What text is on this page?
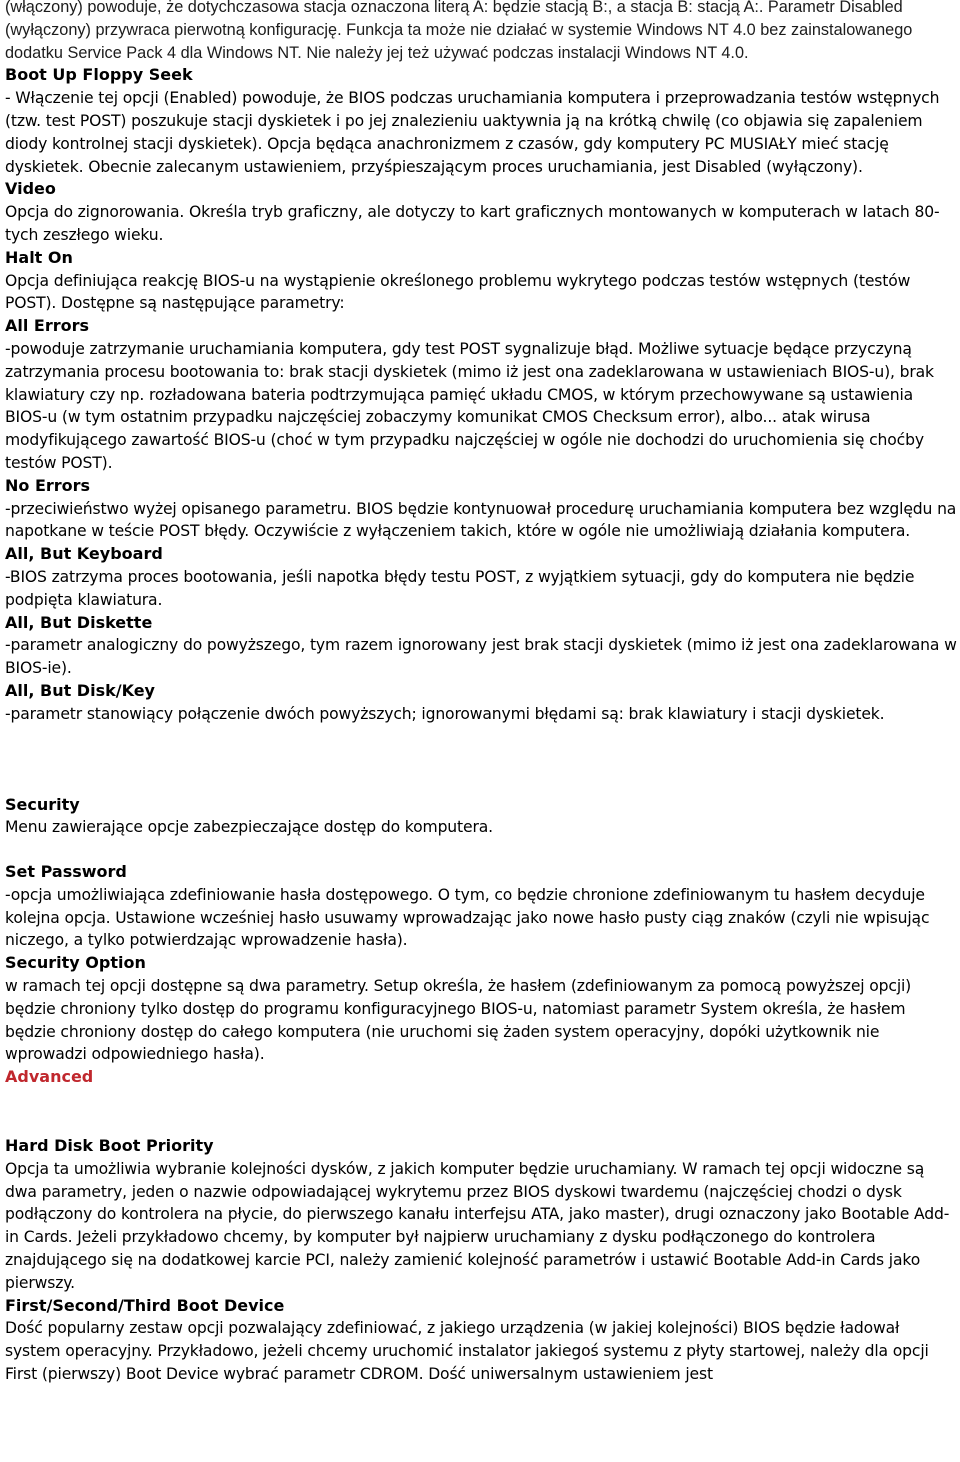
(włączony) powoduje, że dotychczasowa stacja oznaczona literą A: będzie stacją B:, a stacja B: stacją A:. Parametr Disabled (wyłączony) przywraca pierwotną konfigurację. Funkcja ta może nie działać w systemie Windows NT 4.0 bez zainstalowanego dodatku Service Pack 4 dla Windows NT. Nie należy jej też używać podczas instalacji Windows NT 4.0.

Boot Up Floppy Seek

- Włączenie tej opcji (Enabled) powoduje, że BIOS podczas uruchamiania komputera i przeprowadzania testów wstępnych (tzw. test POST) poszukuje stacji dyskietek i po jej znalezieniu uaktywnia ją na krótką chwilę (co objawia się zapaleniem diody kontrolnej stacji dyskietek). Opcja będąca anachronizmem z czasów, gdy komputery PC MUSIAŁY mieć stację dyskietek. Obecnie zalecanym ustawieniem, przyśpieszającym proces uruchamiania, jest Disabled (wyłączony).

Video

Opcja do zignorowania. Określa tryb graficzny, ale dotyczy to kart graficznych montowanych w komputerach w latach 80-tych zeszłego wieku.

Halt On

Opcja definiująca reakcję BIOS-u na wystąpienie określonego problemu wykrytego podczas testów wstępnych (testów POST). Dostępne są następujące parametry:

All Errors

-powoduje zatrzymanie uruchamiania komputera, gdy test POST sygnalizuje błąd. Możliwe sytuacje będące przyczyną zatrzymania procesu bootowania to: brak stacji dyskietek (mimo iż jest ona zadeklarowana w ustawieniach BIOS-u), brak klawiatury czy np. rozładowana bateria podtrzymująca pamięć układu CMOS, w którym przechowywane są ustawienia BIOS-u (w tym ostatnim przypadku najczęściej zobaczymy komunikat CMOS Checksum error), albo... atak wirusa modyfikującego zawartość BIOS-u (choć w tym przypadku najczęściej w ogóle nie dochodzi do uruchomienia się choćby testów POST).

No Errors

-przeciwieństwo wyżej opisanego parametru. BIOS będzie kontynuował procedurę uruchamiania komputera bez względu na napotkane w teście POST błędy. Oczywiście z wyłączeniem takich, które w ogóle nie umożliwiają działania komputera.

All, But Keyboard

-BIOS zatrzyma proces bootowania, jeśli napotka błędy testu POST, z wyjątkiem sytuacji, gdy do komputera nie będzie podpięta klawiatura.

All, But Diskette

-parametr analogiczny do powyższego, tym razem ignorowany jest brak stacji dyskietek (mimo iż jest ona zadeklarowana w BIOS-ie).

All, But Disk/Key

-parametr stanowiący połączenie dwóch powyższych; ignorowanymi błędami są: brak klawiatury i stacji dyskietek.

Security

Menu zawierające opcje zabezpieczające dostęp do komputera.

Set Password

-opcja umożliwiająca zdefiniowanie hasła dostępowego. O tym, co będzie chronione zdefiniowanym tu hasłem decyduje kolejna opcja. Ustawione wcześniej hasło usuwamy wprowadzając jako nowe hasło pusty ciąg znaków (czyli nie wpisując niczego, a tylko potwierdzając wprowadzenie hasła).

Security Option

w ramach tej opcji dostępne są dwa parametry. Setup określa, że hasłem (zdefiniowanym za pomocą powyższej opcji) będzie chroniony tylko dostęp do programu konfiguracyjnego BIOS-u, natomiast parametr System określa, że hasłem będzie chroniony dostęp do całego komputera (nie uruchomi się żaden system operacyjny, dopóki użytkownik nie wprowadzi odpowiedniego hasła).

Advanced

Hard Disk Boot Priority

Opcja ta umożliwia wybranie kolejności dysków, z jakich komputer będzie uruchamiany. W ramach tej opcji widoczne są dwa parametry, jeden o nazwie odpowiadającej wykrytemu przez BIOS dyskowi twardemu (najczęściej chodzi o dysk podłączony do kontrolera na płycie, do pierwszego kanału interfejsu ATA, jako master), drugi oznaczony jako Bootable Add-in Cards. Jeżeli przykładowo chcemy, by komputer był najpierw uruchamiany z dysku podłączonego do kontrolera znajdującego się na dodatkowej karcie PCI, należy zamienić kolejność parametrów i ustawić Bootable Add-in Cards jako pierwszy.

First/Second/Third Boot Device

Dość popularny zestaw opcji pozwalający zdefiniować, z jakiego urządzenia (w jakiej kolejności) BIOS będzie ładował system operacyjny. Przykładowo, jeżeli chcemy uruchomić instalator jakiegoś systemu z płyty startowej, należy dla opcji First (pierwszy) Boot Device wybrać parametr CDROM. Dość uniwersalnym ustawieniem jest
